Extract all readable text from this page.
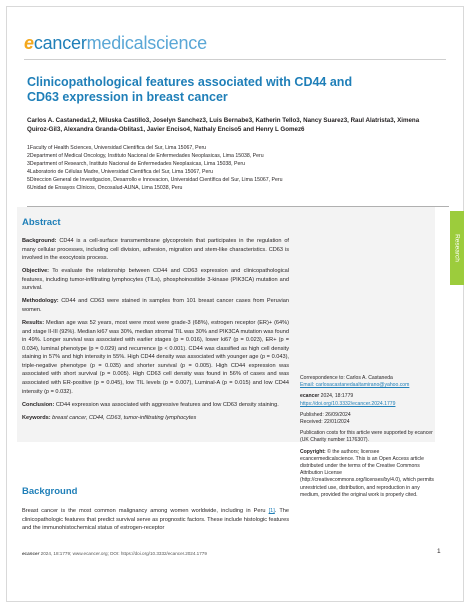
ecancermedicalscience
Clinicopathological features associated with CD44 and CD63 expression in breast cancer
Carlos A. Castaneda1,2, Miluska Castillo3, Joselyn Sanchez3, Luis Bernabe3, Katherin Tello3, Nancy Suarez3, Raul Alatrista3, Ximena Quiroz-Gil3, Alexandra Granda-Oblitas1, Javier Enciso4, Nathaly Enciso5 and Henry L Gomez6
1Faculty of Health Sciences, Universidad Científica del Sur, Lima 15067, Peru
2Department of Medical Oncology, Instituto Nacional de Enfermedades Neoplasicas, Lima 15038, Peru
3Department of Research, Instituto Nacional de Enfermedades Neoplasicas, Lima 15038, Peru
4Laboratorio de Células Madre, Universidad Científica del Sur, Lima 15067, Peru
5Direccion General de Investigacion, Desarrollo e Innovacion, Universidad Científica del Sur, Lima 15067, Peru
6Unidad de Ensayos Clínicos, Oncosalud-AUNA, Lima 15038, Peru
Research
Abstract

Background: CD44 is a cell-surface transmembrane glycoprotein that participates in the regulation of many cellular processes, including cell division, adhesion, migration and stem-like characteristics. CD63 is involved in the exocytosis process.

Objective: To evaluate the relationship between CD44 and CD63 expression and clinicopathological features, including tumor-infiltrating lymphocytes (TILs), phosphoinositide 3-kinase (PIK3CA) mutation and survival.

Methodology: CD44 and CD63 were stained in samples from 101 breast cancer cases from Peruvian women.

Results: Median age was 52 years, most were most were grade-3 (68%), estrogen receptor (ER)+ (64%) and stage II-III (92%). Median ki67 was 30%, median stromal TIL was 30% and PIK3CA mutation was found in 49%. Longer survival was associated with earlier stages (p = 0.016), lower ki67 (p = 0.023), ER+ (p = 0.034), luminal phenotype (p = 0.029) and recurrence (p < 0.001). CD44 was classified as high cell density staining in 57% and high intensity in 55%. High CD44 density was associated with younger age (p = 0.043), triple-negative phenotype (p = 0.035) and shorter survival (p = 0.005). High CD44 expression was associated with short survival (p = 0.005). High CD63 cell density was found in 56% of cases and was associated with ER-positive (p = 0.045), low TIL levels (p = 0.007), Luminal-A (p = 0.015) and low CD44 intensity (p = 0.032).

Conclusion: CD44 expression was associated with aggressive features and low CD63 density staining.

Keywords: breast cancer, CD44, CD63, tumor-infiltrating lymphocytes

Correspondence to: Carlos A. Castaneda
Email: carlosacastanedaaltamirano@yahoo.com

ecancer 2024, 18:1779
https://doi.org/10.3332/ecancer.2024.1779

Published: 26/09/2024
Received: 22/01/2024

Publication costs for this article were supported by ecancer (UK Charity number 1176307).

Copyright: © the authors; licensee ecancermedicalscience. This is an Open Access article distributed under the terms of the Creative Commons Attribution License (http://creativecommons.org/licenses/by/4.0), which permits unrestricted use, distribution, and reproduction in any medium, provided the original work is properly cited.

Background
Breast cancer is the most common malignancy among women worldwide, including in Peru [1]. The clinicopathologic features that predict survival serve as prognostic factors. These include histologic features and the immunohistochemical status of estrogen-receptor
ecancer 2024, 18:1779; www.ecancer.org; DOI: https://doi.org/10.3332/ecancer.2024.1779	1
